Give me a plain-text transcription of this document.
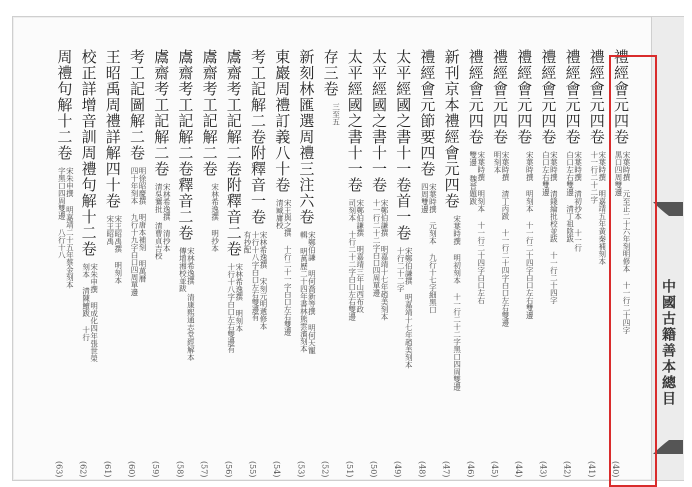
中國古籍善本總目
禮經會元四卷
宋葉時撰 元至正二十六年刻明修本 十一行二十四字
黑口四周雙邊
(40)
禮經會元四卷
宋葉時撰 明嘉靖五年黃秦補刻本
十一行二十二字
(41)
禮經會元四卷
宋葉時撰 清初抄本 十一行
白口左右雙邊 清丁祖陰跋
(42)
禮經會元四卷
宋葉時撰 清錢綸批校並跋 十一行二十四字
白口左右雙邊
(43)
禮經會元四卷
宋葉時撰 明刻本 十一行二十四字白口左右雙邊
(44)
禮經會元四卷
宋葉時撰 清丁丙跋 十一行二十四字白口左右雙邊
明刻本
(45)
禮經會元四卷
宋葉時撰 明刻本 十一行二十四字白口左右
雙邊 魏晉題跋
(46)
新刊京本禮經會元四卷
宋葉時撰 明初刻本 十一行二十二字黑口四周雙邊
(47)
禮經會元節要四卷
宋葉時撰 元刻本 九行十七字細黑口
四周雙邊
(48)
太平經國之書十一卷首一卷
宋鄭伯謙撰 明嘉靖十七年趙美刻本
十行二十二字
(49)
太平經國之書十一卷
宋鄭伯謙撰 明嘉靖十七年趙美刻本
十一行二十二字白口四周單邊
(50)
太平經國之書十一卷
宋鄭伯謙撰 明嘉靖三年山西布政
司刻本 十行二十二字白口左右雙邊
(51)
存三卷
三至五
(52)
新刻林匯選周禮三注六卷
宋鄭伯謙 明何喬新等撰 明何天寵
輯 明萬歷二十四年書林熊雲濱刻本
(53)
東巖周禮訂義八十卷
宋王與之撰 十行二十一字白口左右雙邊
清臧庸校
(54)
考工記解二卷附釋音一卷
宋林希逸撰 宋刻元明遞修本
十行十八字白口左右雙邊有
有抄配
(55)
鬳齋考工記解二卷附釋音二卷
宋林希逸撰 明刻本
十行十八字白口左右雙邊有
(56)
鬳齋考工記解二卷
宋林希逸撰 明抄本
(57)
鬳齋考工記解二卷釋音二卷
宋林希逸撰 清康熙通志堂經解本
傳增湘校並跋
(58)
鬳齋考工記解二卷
宋林希逸撰 清抄本
清吳騫批 清曹貞吉校
(59)
考工記圖解二卷
明徐昭慶撰 明唐本補刻 明萬曆
四十年刻本 九行十九字白口四周單邊
(60)
王昭禹周禮詳解四十卷
宋王昭禹撰 明刻本
宋王昭禹
(61)
校正詳增音訓周禮句解十二卷
宋朱申撰 明成化四年張世榮
刻本 清陳鱣跋 十行
(62)
周禮句解十二卷
宋朱申撰 明嘉靖二十五年蔡金刻本
字黑口四周雙邊 八行十八
(63)
